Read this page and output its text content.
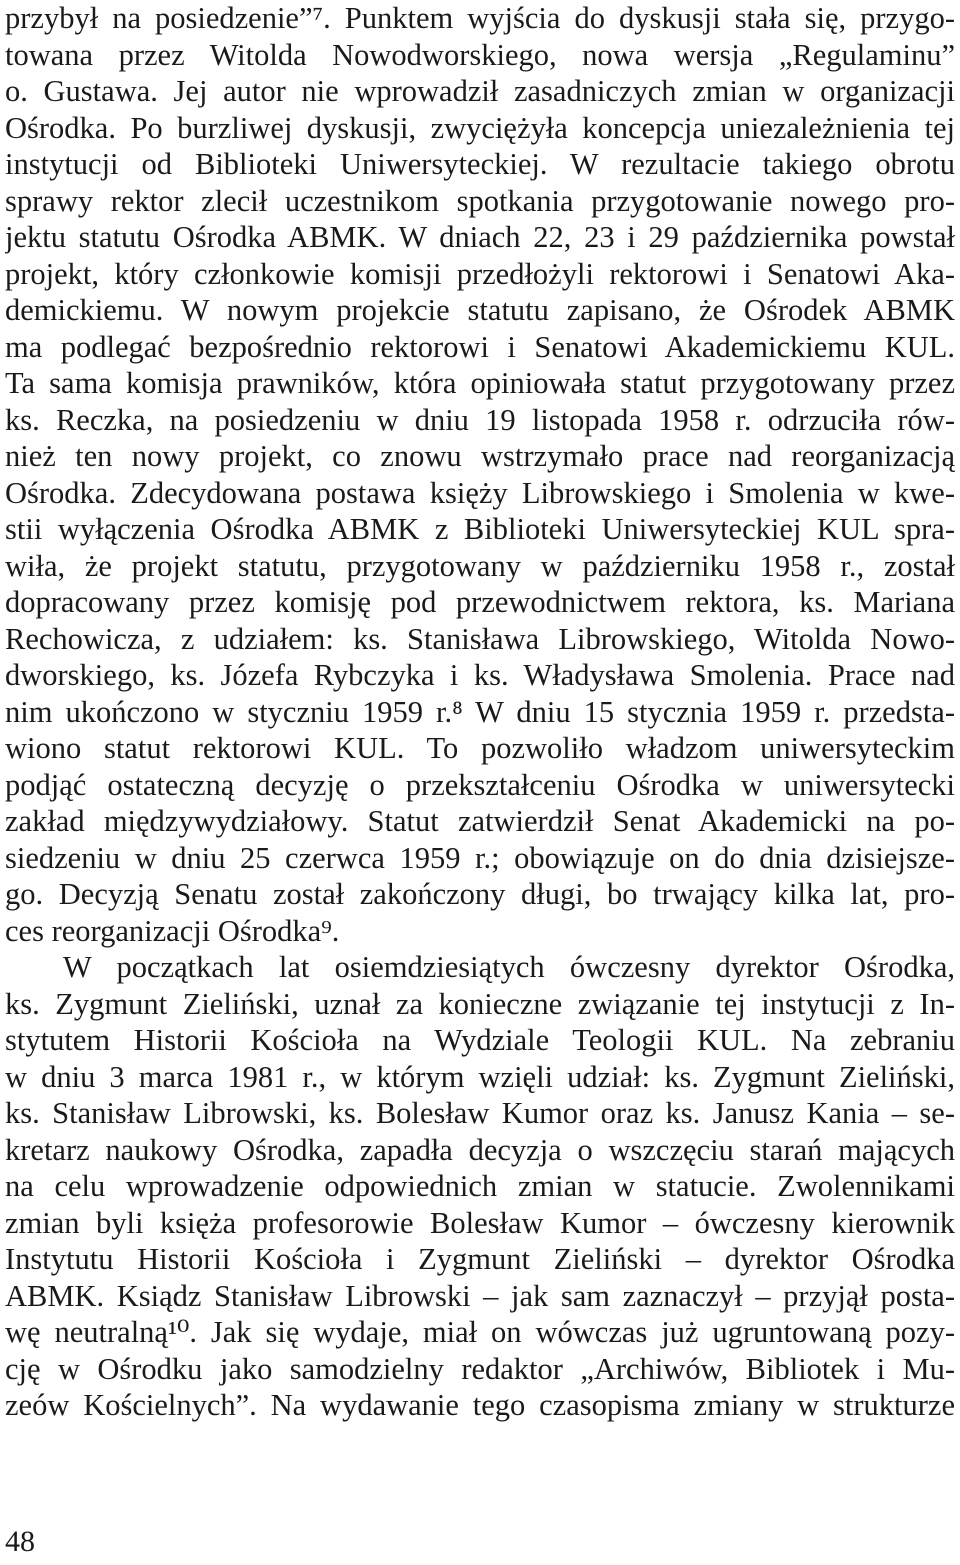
przybył na posiedzenie”⁷. Punktem wyjścia do dyskusji stała się, przygo-
towana przez Witolda Nowodworskiego, nowa wersja „Regulaminu”
o. Gustawa. Jej autor nie wprowadził zasadniczych zmian w organizacji
Ośrodka. Po burzliwej dyskusji, zwyciężyła koncepcja uniezależnienia tej
instytucji od Biblioteki Uniwersyteckiej. W rezultacie takiego obrotu
sprawy rektor zlecił uczestnikom spotkania przygotowanie nowego pro-
jektu statutu Ośrodka ABMK. W dniach 22, 23 i 29 października powstał
projekt, który członkowie komisji przedłożyli rektorowi i Senatowi Aka-
demickiemu. W nowym projekcie statutu zapisano, że Ośrodek ABMK
ma podlegać bezpośrednio rektorowi i Senatowi Akademickiemu KUL.
Ta sama komisja prawników, która opiniowała statut przygotowany przez
ks. Reczka, na posiedzeniu w dniu 19 listopada 1958 r. odrzuciła rów-
nież ten nowy projekt, co znowu wstrzymało prace nad reorganizacją
Ośrodka. Zdecydowana postawa księży Librowskiego i Smolenia w kwe-
stii wyłączenia Ośrodka ABMK z Biblioteki Uniwersyteckiej KUL spra-
wiła, że projekt statutu, przygotowany w październiku 1958 r., został
dopracowany przez komisję pod przewodnictwem rektora, ks. Mariana
Rechowicza, z udziałem: ks. Stanisława Librowskiego, Witolda Nowo-
dworskiego, ks. Józefa Rybczyka i ks. Władysława Smolenia. Prace nad
nim ukończono w styczniu 1959 r.⁸ W dniu 15 stycznia 1959 r. przedsta-
wiono statut rektorowi KUL. To pozwoliło władzom uniwersyteckim
podjąć ostateczną decyzję o przekształceniu Ośrodka w uniwersytecki
zakład międzywydziałowy. Statut zatwierdził Senat Akademicki na po-
siedzeniu w dniu 25 czerwca 1959 r.; obowiązuje on do dnia dzisiejsze-
go. Decyzją Senatu został zakończony długi, bo trwający kilka lat, pro-
ces reorganizacji Ośrodka⁹.
W początkach lat osiemdziesiątych ówczesny dyrektor Ośrodka,
ks. Zygmunt Zieliński, uznał za konieczne związanie tej instytucji z In-
stytutem Historii Kościoła na Wydziale Teologii KUL. Na zebraniu
w dniu 3 marca 1981 r., w którym wzięli udział: ks. Zygmunt Zieliński,
ks. Stanisław Librowski, ks. Bolesław Kumor oraz ks. Janusz Kania – se-
kretarz naukowy Ośrodka, zapadła decyzja o wszczęciu starań mających
na celu wprowadzenie odpowiednich zmian w statucie. Zwolennikami
zmian byli księża profesorowie Bolesław Kumor – ówczesny kierownik
Instytutu Historii Kościoła i Zygmunt Zieliński – dyrektor Ośrodka
ABMK. Ksiądz Stanisław Librowski – jak sam zaznaczył – przyjął posta-
wę neutralną¹⁰. Jak się wydaje, miał on wówczas już ugruntowaną pozy-
cję w Ośrodku jako samodzielny redaktor „Archiwów, Bibliotek i Mu-
zeów Kościelnych”. Na wydawanie tego czasopisma zmiany w strukturze
48
